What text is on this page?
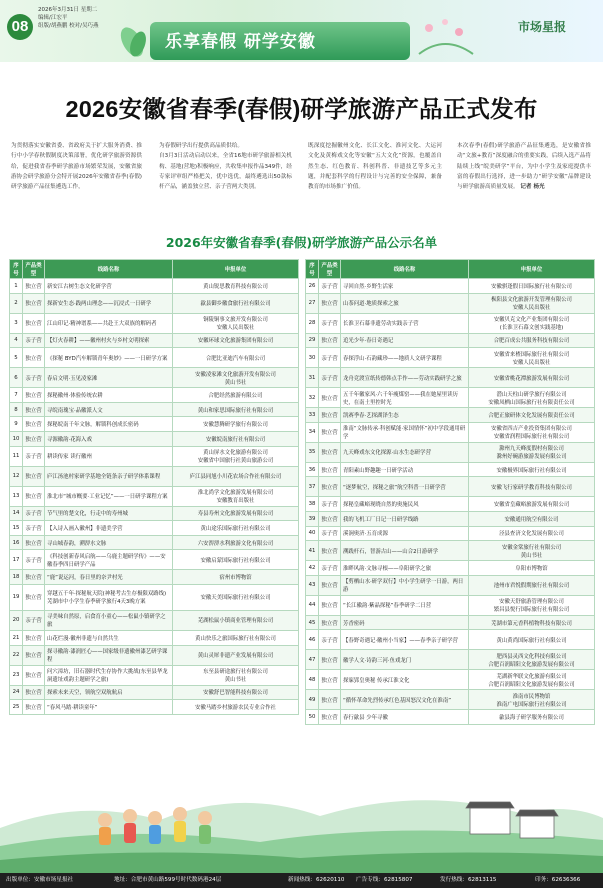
08
2026年3月31日 星期二
编辑/江宏平
组版/胡燕鹏 校对/吴巧燕
乐享春假 研学安徽
市场星报
2026安徽省春季(春假)研学旅游产品正式发布
为贯彻落实安徽省委、省政府关于扩大服务消费、推行中小学春秋假制度决策部署，优化研学旅游资源供给，促进我省春季研学旅游市场繁荣发展，安徽省旅游协会研学旅游分会特开展2026年安徽省春季(春假)研学旅游产品征集遴选工作，
为春假研学出行提供高品质供给。
自3月3日活动启动以来，全省16地市研学旅游相关机构、基地(营地)积极响应，共收集申报作品349件，经专家评审组严格把关，优中选优，最终遴选出50款标杆产品，涵盖独立营、亲子营两大类别。
既深度挖掘徽州文化、长江文化、淮河文化、大运河文化及黄梅戏文化等安徽“五大文化”资源，也覆盖自然生态、红色教育、科创科普、非遗技艺等多元主题，并配套科学的行程设计与完善的安全保障，兼备教育的市场推广价值。
本次春季(春假)研学旅游产品征集遴选，是安徽省推动“文旅+教育”深度融合的重要实践，后续入选产品将陆续上线“皖美研学”平台，为中小学生及家庭提供丰富的春假出行选择，进一步助力“研学安徽”品牌建设与研学旅游高质量发展。 记者 杨光
2026年安徽省春季(春假)研学旅游产品公示名单
序号	产品类型	线路名称	申报单位
1	独立营	新安江古树生态文化研学营	黄山锐思教育科技有限公司
2	独立营	探新安生态·践两山理念——沉浸式一日研学	歙县御乡徽食旅行社有限公司
3	独立营	江山印记·精神谱系——共赴王大双族的解码者	铜陵铜事文旅开发有限公司
安徽人民出版社
4	亲子营	【灯火春耕】——徽州村火与乡村文明探索	安徽环球文化旅游集团有限公司
5	独立营	《探秘 BYD汽车解锁青年奥妙》——一日研学方案	合肥比亚迪汽车有限公司
6	亲子营	春启文明·玉见凌家滩	安徽凌家滩文化旅游开发有限公司
黄山书社
7	独立营	探秘徽州·体验传统农耕	合肥经然旅游有限公司
8	独立营	寻皖南瑰宝·品徽派人文	黄山和家思国际旅行社有限公司
9	独立营	探秘皖南千年文脉，解锁科创成长密码	安徽慧腾研学旅行有限公司
10	独立营	寻源徽韵·花海入戏	安徽皖南旅行社有限公司
11	亲子营	耕读传家 读行徽州	黄山屏水文化旅游有限公司
安徽省中国旅行社黄山旅游公司
12	独立营	庐江汤池村家研学基地全链条亲子研学体系课程	庐江县同旭小川花农场合作社有限公司
13	独立营	淮北市“城市概要·工业记忆”——一日研学课程方案	淮北尚学文化旅游发展有限公司
安徽教育出版社
14	亲子营	节气里的楚文化，行走中的寿州城	寿县寿州文化旅游发展有限公司
15	亲子营	【入诗入画入徽州】非遗美学营	黄山途乐国际旅行社有限公司
16	独立营	寻山城春韵，溯淠水文脉	六安淠淠水利旅游文化有限公司
17	亲子营	《科技创新春风启航——乌鹿主题研学传》——安徽春季四日研学产品	安徽启蒙国际旅行社有限公司
18	独立营	“鹿”说运河，春日里的奈尹村光	宿州市博物馆
19	独立营	穿越五千年·探秘航天院(神秘考古生存极限双路线)芜湖市中小学生春季研学旅行4天3晚方案	安徽天美国际旅行社有限公司
20	亲子营	寻美味自然原，启食育小童心——松鼠小镇研学之旅	芜湖松鼠小镇商业管理有限公司
21	独立营	山花烂漫·徽州非遗与自然共生	黄山快乐之旅国际旅行社有限公司
22	独立营	探寻徽韵·漆润匠心——国家级非遗徽州漆艺研学课程	黄山灵犀非遗产业发展有限公司
23	独立营	问穴漳坊，旧石器时代生存协作大挑战(东至县华龙洞遗址戏韵主题研学之旅)	东至县研途旅行社有限公司
黄山书社
24	独立营	探索未来天空，领航空双航航启	安徽舒巴智能科技有限公司
25	独立营	“春风马踏·耕读童年”	安徽马踏乡村旅游农民专业合作社
序号	产品类型	线路名称	申报单位
26	亲子营	寻回自然·乡野生活家	安徽骐逢假日国际旅行社有限公司
27	独立营	山茶问道·地质探索之旅	枞阳县文化旅游开发管理有限公司
安徽人民出版社
28	亲子营	长淮卫石幕非遗劳动实践亲子营	安徽贝克文化产业集团有限公司
(长淮卫石幕文创实践基地)
29	独立营	追光少年·春日奇遇记	合肥百成公共服务科技有限公司
30	亲子营	春探浮山·石韵藏珍——地质人文研学课程	安徽省来楂国际旅行社有限公司
安徽人民出版社
31	亲子营	龙舟竞渡宣纸传德韩点手作——劳动实践研学之旅	安徽省桃花潭旅游发展有限公司
32	独立营	五千年徽家风·六千年瘦煤窑——我在她屋里读历史，在南土里控时光	潜山天柱山研学旅行有限公司
安徽凤栖山国际旅行社有限责任公司
33	独立营	凯赛季春·艺探湖泽生态	合肥正旅研体文化发展有限责任公司
34	独立营	淮南“文脉传承·科创赋能·家国情怀”初中学段通用研学	安徽省四吉产业投资集团有限公司
安徽省润程国际旅行社有限公司
35	独立营	九天峰戏东文化探源·山水生态研学营	滁州九天峰度假村有限公司
滁州好碗游旅游发展有限公司
36	独立营	青阳素山野趣趣一日研学活动	安徽极界国际旅行社有限公司
37	独立营	“逐梦航空，探秘之旅”航空科普一日研学营	安徽飞行家研学教育科技有限公司
38	亲子营	探秘皇藏峪现晓自然的奥施民风	安徽省皇藏峪旅游发展有限公司
39	独立营	我的飞机工厂日记一日研学线路	安徽通用航空有限公司
40	亲子营	溪涧奥济·五育成源	泾县查济文化发展有限公司
41	独立营	溯践杆石，智游古山——山合2日游研学	安徽金棠旅行社有限公司
黄山书社
42	亲子营	淮畔风韵·文脉寻根——阜阳研学之旅	阜阳市博物馆
43	独立营	【剪栖山水·研学双行】中小学生研学一日游，两日游	池州市君悦假期旅行社有限公司
44	独立营	“长江徽韵·紫晶探秘”春季研学二日营	安徽天舒旅游管理有限公司
繁昌县悦行国际旅行社有限公司
45	独立营	芳香密码	芜湖市第元香科植物科技有限公司
46	亲子营	【春野奇遇记·徽州小当家】——春季亲子研学营	黄山黄尚国际旅行社有限公司
47	独立营	徽学人文·诗韵三河·鱼戏龙门	肥西县灵西文化科技有限公司
合肥百润昭阳文化旅游发展有限公司
48	独立营	探寐郢皇奥秘 传承江淮文化	芜湖新华联文化旅游有限公司
合肥百润昭阳文化旅游发展有限公司
49	独立营	“循怀革命先烈传承红色基因怒汉文化在淮南”	淮南市民博物馆
淮南广电国际旅行社有限公司
50	独立营	春行歙县 少年寻徽	歙县海子研学服务有限公司
出版单位：安徽市场星报社	地址：合肥市黄山路599号时代数码港24层	新闻热线：62620110 广告专线：62815807	发行热线：62813115	印务：62636366
